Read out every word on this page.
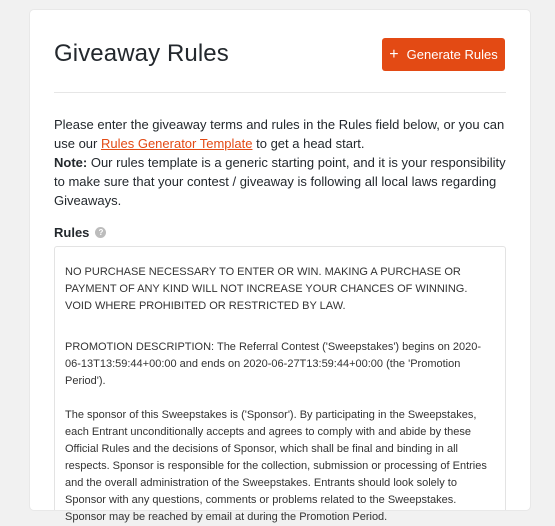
Giveaway Rules	+ Generate Rules
Please enter the giveaway terms and rules in the Rules field below, or you can use our Rules Generator Template to get a head start.
Note: Our rules template is a generic starting point, and it is your responsibility to make sure that your contest / giveaway is following all local laws regarding Giveaways.
Rules	?

NO PURCHASE NECESSARY TO ENTER OR WIN. MAKING A PURCHASE OR PAYMENT OF ANY KIND WILL NOT INCREASE YOUR CHANCES OF WINNING. VOID WHERE PROHIBITED OR RESTRICTED BY LAW.

PROMOTION DESCRIPTION: The Referral Contest ('Sweepstakes') begins on 2020-06-13T13:59:44+00:00 and ends on 2020-06-27T13:59:44+00:00 (the 'Promotion Period').

The sponsor of this Sweepstakes is ('Sponsor'). By participating in the Sweepstakes, each Entrant unconditionally accepts and agrees to comply with and abide by these Official Rules and the decisions of Sponsor, which shall be final and binding in all respects. Sponsor is responsible for the collection, submission or processing of Entries and the overall administration of the Sweepstakes. Entrants should look solely to Sponsor with any questions, comments or problems related to the Sweepstakes. Sponsor may be reached by email at during the Promotion Period.
